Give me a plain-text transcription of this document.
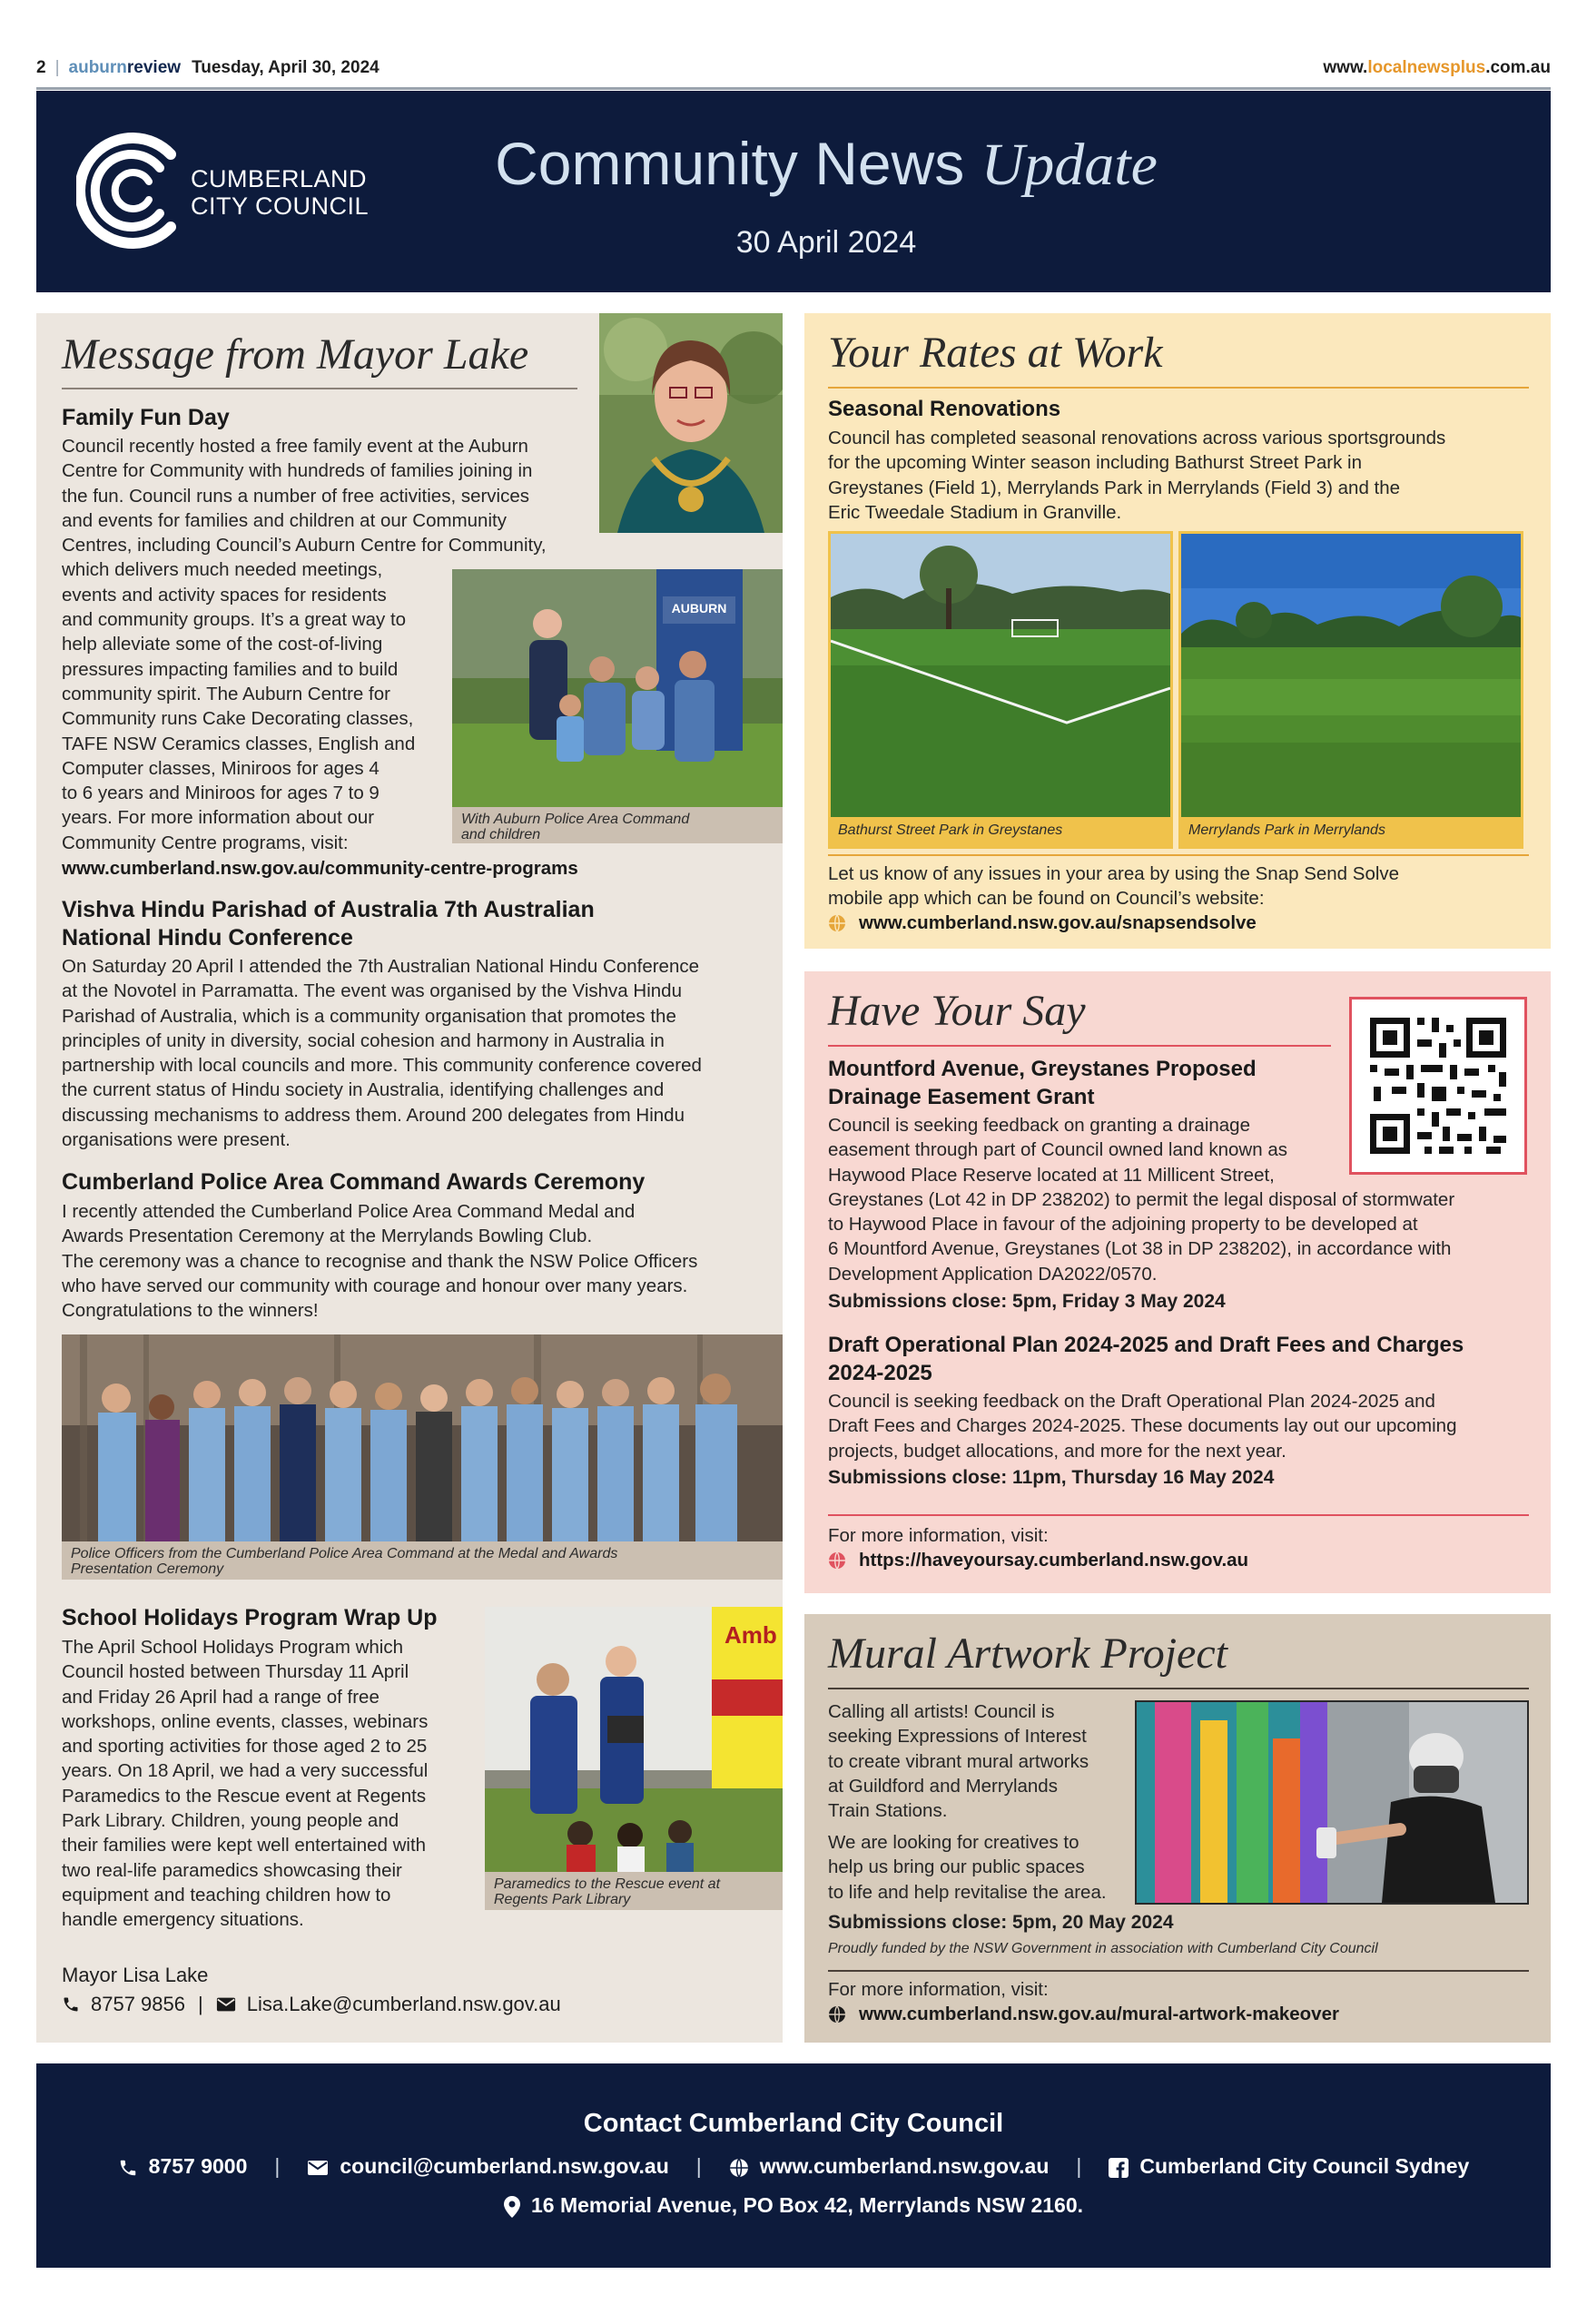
2 | auburnreview Tuesday, April 30, 2024	www.localnewsplus.com.au
CUMBERLAND
CITY COUNCIL
Community News Update
30 April 2024
Message from Mayor Lake
Family Fun Day
Council recently hosted a free family event at the Auburn
Centre for Community with hundreds of families joining in
the fun. Council runs a number of free activities, services
and events for families and children at our Community
Centres, including Council’s Auburn Centre for Community,
which delivers much needed meetings,
events and activity spaces for residents
and community groups. It’s a great way to
help alleviate some of the cost-of-living
pressures impacting families and to build
community spirit. The Auburn Centre for
Community runs Cake Decorating classes,
TAFE NSW Ceramics classes, English and
Computer classes, Miniroos for ages 4
to 6 years and Miniroos for ages 7 to 9
years. For more information about our
Community Centre programs, visit:
www.cumberland.nsw.gov.au/community-centre-programs
AUBURN
With Auburn Police Area Command
and children
Vishva Hindu Parishad of Australia 7th Australian
National Hindu Conference
On Saturday 20 April I attended the 7th Australian National Hindu Conference
at the Novotel in Parramatta. The event was organised by the Vishva Hindu
Parishad of Australia, which is a community organisation that promotes the
principles of unity in diversity, social cohesion and harmony in Australia in
partnership with local councils and more. This community conference covered
the current status of Hindu society in Australia, identifying challenges and
discussing mechanisms to address them. Around 200 delegates from Hindu
organisations were present.
Cumberland Police Area Command Awards Ceremony
I recently attended the Cumberland Police Area Command Medal and
Awards Presentation Ceremony at the Merrylands Bowling Club.
The ceremony was a chance to recognise and thank the NSW Police Officers
who have served our community with courage and honour over many years.
Congratulations to the winners!
Police Officers from the Cumberland Police Area Command at the Medal and Awards
Presentation Ceremony
School Holidays Program Wrap Up
The April School Holidays Program which
Council hosted between Thursday 11 April
and Friday 26 April had a range of free
workshops, online events, classes, webinars
and sporting activities for those aged 2 to 25
years. On 18 April, we had a very successful
Paramedics to the Rescue event at Regents
Park Library. Children, young people and
their families were kept well entertained with
two real-life paramedics showcasing their
equipment and teaching children how to
handle emergency situations.
Amb
Paramedics to the Rescue event at
Regents Park Library
Mayor Lisa Lake
8757 9856 | Lisa.Lake@cumberland.nsw.gov.au
Your Rates at Work
Seasonal Renovations
Council has completed seasonal renovations across various sportsgrounds
for the upcoming Winter season including Bathurst Street Park in
Greystanes (Field 1), Merrylands Park in Merrylands (Field 3) and the
Eric Tweedale Stadium in Granville.
Bathurst Street Park in Greystanes	Merrylands Park in Merrylands
Let us know of any issues in your area by using the Snap Send Solve
mobile app which can be found on Council’s website:
www.cumberland.nsw.gov.au/snapsendsolve
Have Your Say
Mountford Avenue, Greystanes Proposed
Drainage Easement Grant
Council is seeking feedback on granting a drainage
easement through part of Council owned land known as
Haywood Place Reserve located at 11 Millicent Street,
Greystanes (Lot 42 in DP 238202) to permit the legal disposal of stormwater
to Haywood Place in favour of the adjoining property to be developed at
6 Mountford Avenue, Greystanes (Lot 38 in DP 238202), in accordance with
Development Application DA2022/0570.
Submissions close: 5pm, Friday 3 May 2024
Draft Operational Plan 2024-2025 and Draft Fees and Charges
2024-2025
Council is seeking feedback on the Draft Operational Plan 2024-2025 and
Draft Fees and Charges 2024-2025. These documents lay out our upcoming
projects, budget allocations, and more for the next year.
Submissions close: 11pm, Thursday 16 May 2024
For more information, visit:
https://haveyoursay.cumberland.nsw.gov.au
Mural Artwork Project
Calling all artists! Council is
seeking Expressions of Interest
to create vibrant mural artworks
at Guildford and Merrylands
Train Stations.
We are looking for creatives to
help us bring our public spaces
to life and help revitalise the area.
Submissions close: 5pm, 20 May 2024
Proudly funded by the NSW Government in association with Cumberland City Council
For more information, visit:
www.cumberland.nsw.gov.au/mural-artwork-makeover
Contact Cumberland City Council
8757 9000 |	council@cumberland.nsw.gov.au |	www.cumberland.nsw.gov.au |	Cumberland City Council Sydney
16 Memorial Avenue, PO Box 42, Merrylands NSW 2160.
